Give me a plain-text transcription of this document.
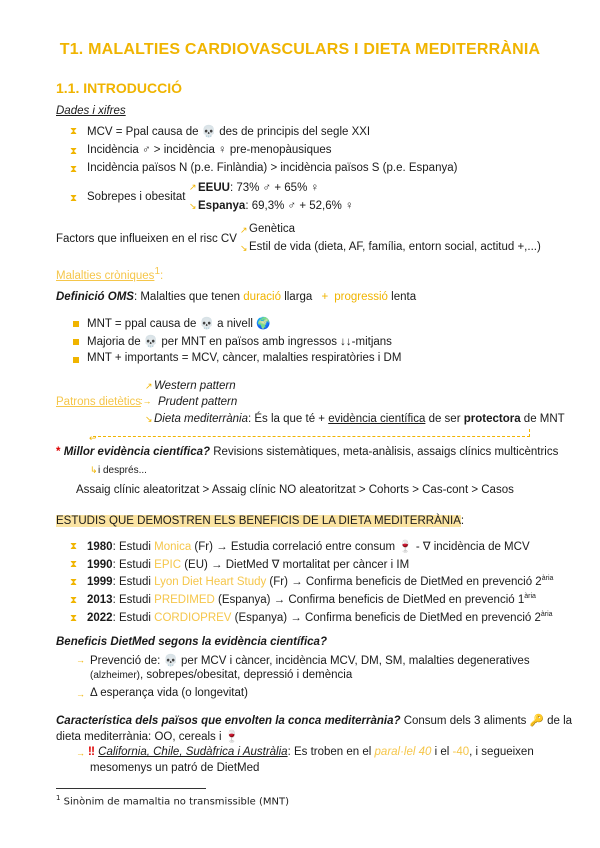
T1. MALALTIES CARDIOVASCULARS I DIETA MEDITERRÀNIA
1.1. INTRODUCCIÓ
Dades i xifres
⧗ MCV = Ppal causa de 💀 des de principis del segle XXI
⧗ Incidència ♂ > incidència ♀ pre-menopàusiques
⧗ Incidència països N (p.e. Finlàndia) > incidència països S (p.e. Espanya)
⧗ Sobrepes i obesitat
↗ EEUU: 73% ♂ + 65% ♀
↘ Espanya: 69,3% ♂ + 52,6% ♀
Factors que influeixen en el risc CV
↗ Genètica
↘ Estil de vida (dieta, AF, família, entorn social, actitud +,...)
Malalties cròniques$^1$:
Definició OMS: Malalties que tenen duració llarga + progressió lenta
MNT = ppal causa de 💀 a nivell 🌍
Majoria de 💀 per MNT en països amb ingressos ↓↓-mitjans
MNT + importants = MCV, càncer, malalties respiratòries i DM
Patrons dietètics
:→
↗ Western pattern
Prudent pattern
↘ Dieta mediterrània: És la que té + evidència científica de ser protectora de MNT
↩
* Millor evidència científica? Revisions sistemàtiques, meta-anàlisis, assaigs clínics multicèntrics
↳ i després...
Assaig clínic aleatoritzat > Assaig clínic NO aleatoritzat > Cohorts > Cas-cont > Casos
ESTUDIS QUE DEMOSTREN ELS BENEFICIS DE LA DIETA MEDITERRÀNIA:
⧗ 1980: Estudi Monica (Fr) → Estudia correlació entre consum 🍷 - ∇ incidència de MCV
⧗ 1990: Estudi EPIC (EU) → DietMed ∇ mortalitat per càncer i IM
⧗ 1999: Estudi Lyon Diet Heart Study (Fr) → Confirma beneficis de DietMed en prevenció $2^{ària}$
⧗ 2013: Estudi PREDIMED (Espanya) → Confirma beneficis de DietMed en prevenció $1^{ària}$
⧗ 2022: Estudi CORDIOPREV (Espanya) → Confirma beneficis de DietMed en prevenció $2^{ària}$
Beneficis DietMed segons la evidència científica?
→ Prevenció de: 💀 per MCV i càncer, incidència MCV, DM, SM, malalties degeneratives
(alzheimer), sobrepes/obesitat, depressió i demència
→ Δ esperança vida (o longevitat)
Característica dels països que envolten la conca mediterrània? Consum dels 3 aliments 🔑 de la
dieta mediterrània: OO, cereals i 🍷
→ ‼ California, Chile, Sudàfrica i Austràlia: Es troben en el paral·lel 40 i el -40, i segueixen
mesomenys un patró de DietMed
$^1$ Sinònim de mamaltia no transmissible (MNT)
